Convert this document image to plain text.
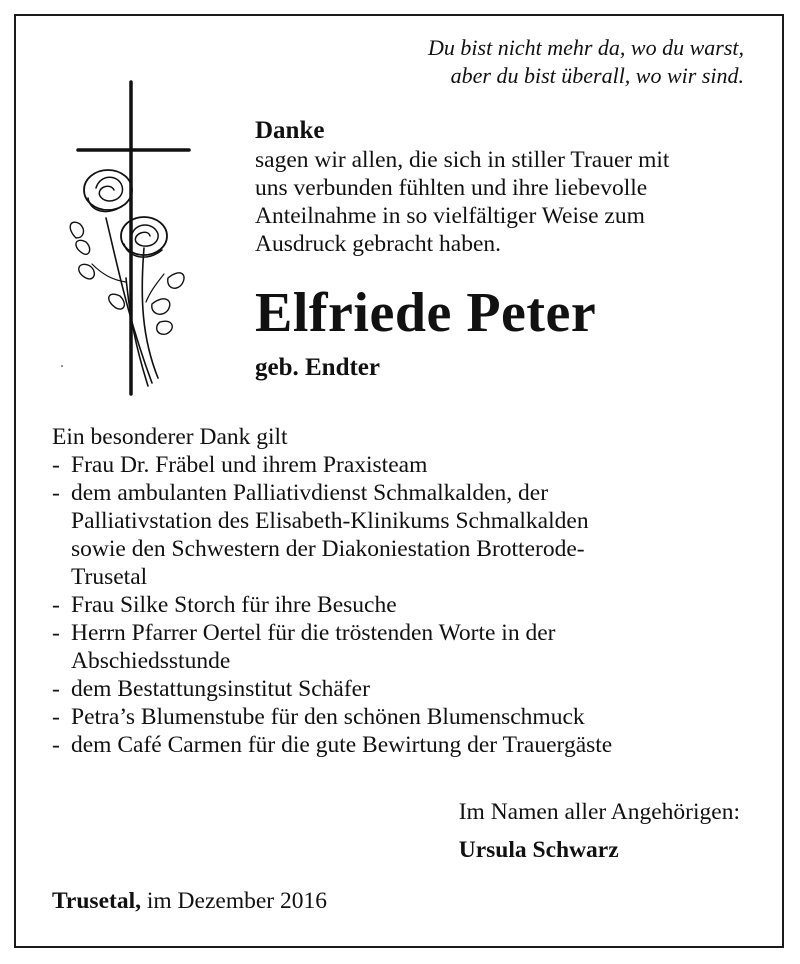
Du bist nicht mehr da, wo du warst,
aber du bist überall, wo wir sind.
Danke
sagen wir allen, die sich in stiller Trauer mit
uns verbunden fühlten und ihre liebevolle
Anteilnahme in so vielfältiger Weise zum
Ausdruck gebracht haben.
Elfriede Peter
geb. Endter
Ein besonderer Dank gilt
- Frau Dr. Fräbel und ihrem Praxisteam
- dem ambulanten Palliativdienst Schmalkalden, der
Palliativstation des Elisabeth-Klinikums Schmalkalden
sowie den Schwestern der Diakoniestation Brotterode-
Trusetal
- Frau Silke Storch für ihre Besuche
- Herrn Pfarrer Oertel für die tröstenden Worte in der
Abschiedsstunde
- dem Bestattungsinstitut Schäfer
- Petra’s Blumenstube für den schönen Blumenschmuck
- dem Café Carmen für die gute Bewirtung der Trauergäste
Im Namen aller Angehörigen:
Ursula Schwarz
Trusetal, im Dezember 2016
